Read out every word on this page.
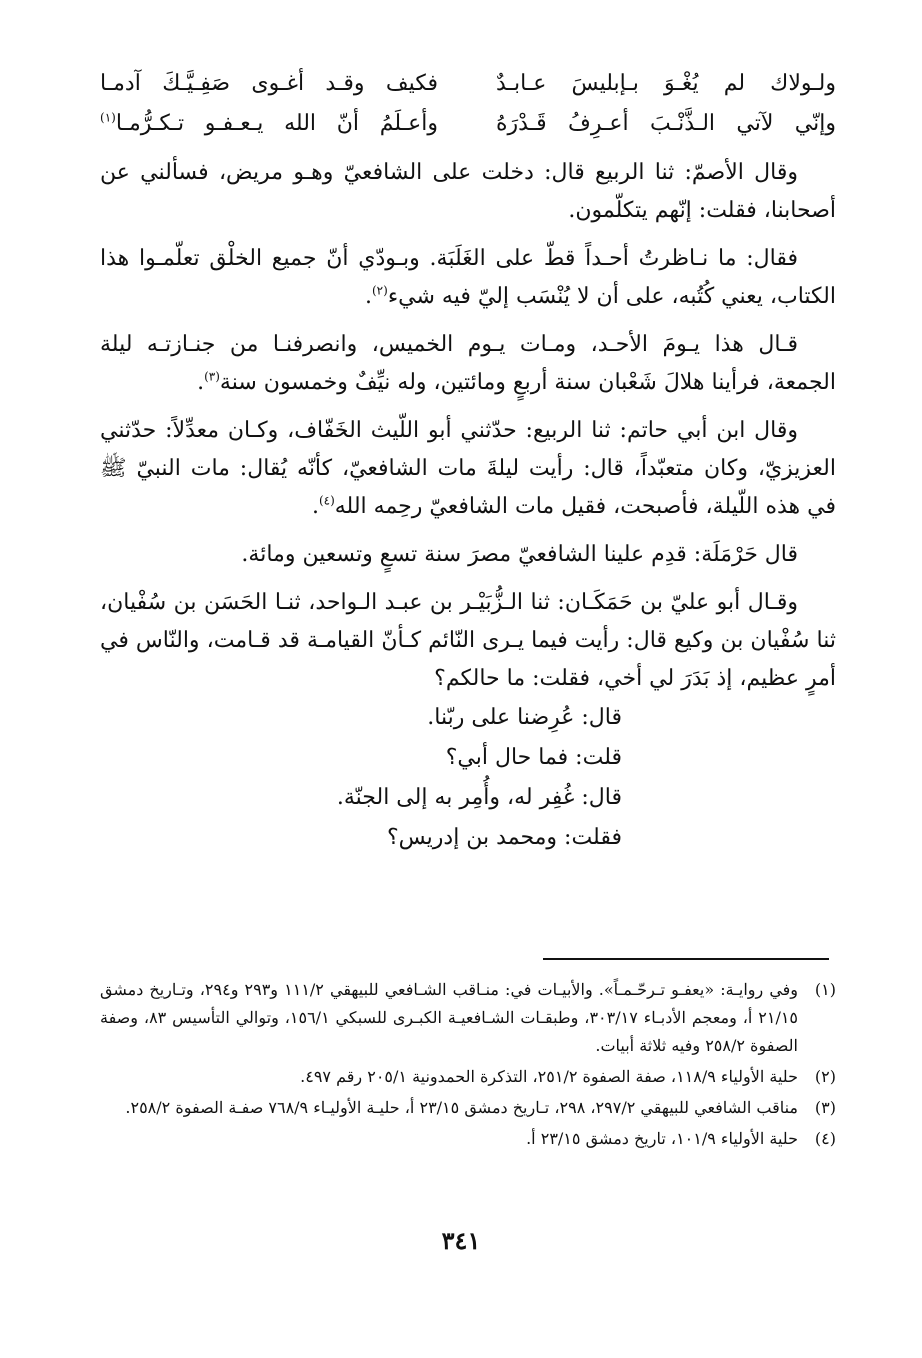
ولـولاك لم يُغْـوَ بـإبليسَ عـابـدٌ
فكيف وقـد أغـوى صَفِـيَّـكَ آدمـا
وإنّي لآتي الـذَّنْـبَ أعـرِفُ قَـدْرَهُ
وأعـلَمُ أنّ الله يـعـفـو تـكـرُّمـا$^{(١)}$

وقال الأصمّ: ثنا الربيع قال: دخلت على الشافعيّ وهـو مريض، فسألني عن أصحابنا، فقلت: إنّهم يتكلّمون.

فقال: ما نـاظرتُ أحـداً قطّ على الغَلَبَة. وبـودّي أنّ جميع الخلْق تعلّمـوا هذا الكتاب، يعني كُتُبه، على أن لا يُنْسَب إليّ فيه شيء$^{(٢)}$.

قـال هذا يـومَ الأحـد، ومـات يـوم الخميس، وانصرفنـا من جنـازتـه ليلة الجمعة، فرأينا هلالَ شَعْبان سنة أربعٍ ومائتين، وله نيِّفٌ وخمسون سنة$^{(٣)}$.

وقال ابن أبي حاتم: ثنا الربيع: حدّثني أبو اللّيث الخَفّاف، وكـان معدِّلاً: حدّثني العزيزيّ، وكان متعبّداً، قال: رأيت ليلةَ مات الشافعيّ، كأنّه يُقال: مات النبيّ ﷺ في هذه اللّيلة، فأصبحت، فقيل مات الشافعيّ رحِمه الله$^{(٤)}$.

قال حَرْمَلَة: قدِم علينا الشافعيّ مصرَ سنة تسعٍ وتسعين ومائة.

وقـال أبو عليّ بن حَمَكَـان: ثنا الـزُّبَيْـر بن عبـد الـواحد، ثنـا الحَسَن بن سُفْيان، ثنا سُفْيان بن وكيع قال: رأيت فيما يـرى النّائم كـأنّ القيامـة قد قـامت، والنّاس في أمرٍ عظيم، إذ بَدَرَ لي أخي، فقلت: ما حالكم؟

قال: عُرِضنا على ربّنا.

قلت: فما حال أبي؟

قال: غُفِر له، وأُمِر به إلى الجنّة.

فقلت: ومحمد بن إدريس؟

(١)
وفي روايـة: «يعفـو تـرحّـمـاً». والأبيـات في: منـاقب الشـافعي للبيهقي ١١١/٢ و٢٩٣ و٢٩٤، وتـاريخ دمشق ٢١/١٥ أ، ومعجم الأدبـاء ٣٠٣/١٧، وطبقـات الشـافعيـة الكبـرى للسبكي ١٥٦/١، وتوالي التأسيس ٨٣، وصفة الصفوة ٢٥٨/٢ وفيه ثلاثة أبيات.
(٢)
حلية الأولياء ١١٨/٩، صفة الصفوة ٢٥١/٢، التذكرة الحمدونية ٢٠٥/١ رقم ٤٩٧.
(٣)
مناقب الشافعي للبيهقي ٢٩٧/٢، ٢٩٨، تـاريخ دمشق ٢٣/١٥ أ، حليـة الأوليـاء ٧٦٨/٩ صفـة الصفوة ٢٥٨/٢.
(٤)
حلية الأولياء ١٠١/٩، تاريخ دمشق ٢٣/١٥ أ.
٣٤١
